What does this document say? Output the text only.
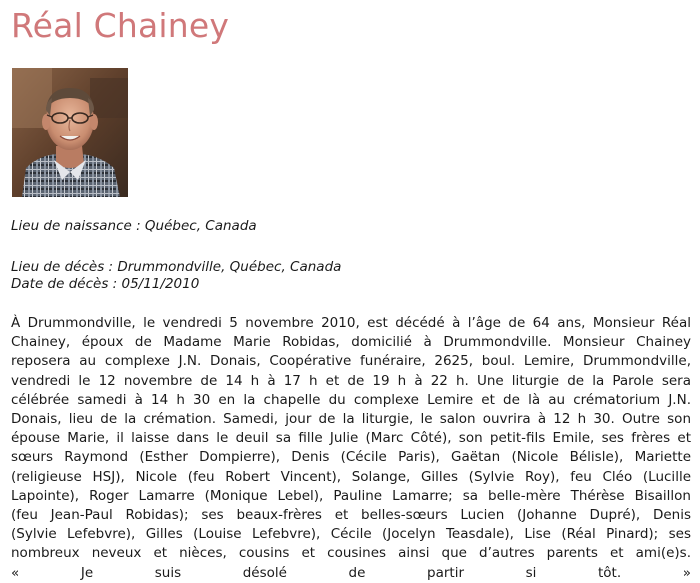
Réal Chainey
Lieu de naissance : Québec, Canada
Lieu de décès : Drummondville, Québec, Canada
Date de décès : 05/11/2010
À Drummondville, le vendredi 5 novembre 2010, est décédé à l’âge de 64 ans, Monsieur Réal
Chainey, époux de Madame Marie Robidas, domicilié à Drummondville. Monsieur Chainey
reposera au complexe J.N. Donais, Coopérative funéraire, 2625, boul. Lemire, Drummondville,
vendredi le 12 novembre de 14 h à 17 h et de 19 h à 22 h. Une liturgie de la Parole sera
célébrée samedi à 14 h 30 en la chapelle du complexe Lemire et de là au crématorium J.N.
Donais, lieu de la crémation. Samedi, jour de la liturgie, le salon ouvrira à 12 h 30. Outre son
épouse Marie, il laisse dans le deuil sa fille Julie (Marc Côté), son petit-fils Emile, ses frères et
sœurs Raymond (Esther Dompierre), Denis (Cécile Paris), Gaëtan (Nicole Bélisle), Mariette
(religieuse HSJ), Nicole (feu Robert Vincent), Solange, Gilles (Sylvie Roy), feu Cléo (Lucille
Lapointe), Roger Lamarre (Monique Lebel), Pauline Lamarre; sa belle-mère Thérèse Bisaillon
(feu Jean-Paul Robidas); ses beaux-frères et belles-sœurs Lucien (Johanne Dupré), Denis
(Sylvie Lefebvre), Gilles (Louise Lefebvre), Cécile (Jocelyn Teasdale), Lise (Réal Pinard); ses
nombreux neveux et nièces, cousins et cousines ainsi que d’autres parents et ami(e)s.
« Je suis désolé de partir si tôt. »
